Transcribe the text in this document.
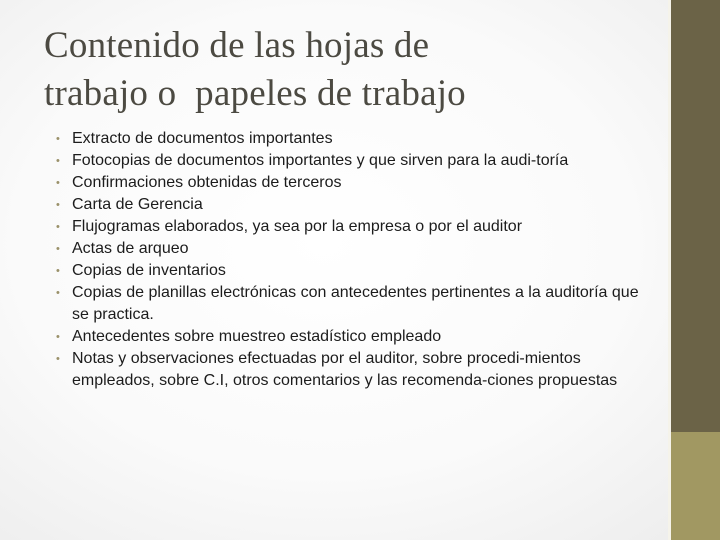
Contenido de las hojas de
trabajo o  papeles de trabajo
• Extracto de documentos importantes
• Fotocopias de documentos importantes y que sirven para la audi-toría
• Confirmaciones obtenidas de terceros
• Carta de Gerencia
• Flujogramas elaborados, ya sea por la empresa o por el auditor
• Actas de arqueo
• Copias de inventarios
• Copias de planillas electrónicas con antecedentes pertinentes a la auditoría que se practica.
• Antecedentes sobre muestreo estadístico empleado
• Notas y observaciones efectuadas por el auditor, sobre procedi-mientos empleados, sobre C.I, otros comentarios y las recomenda-ciones propuestas
